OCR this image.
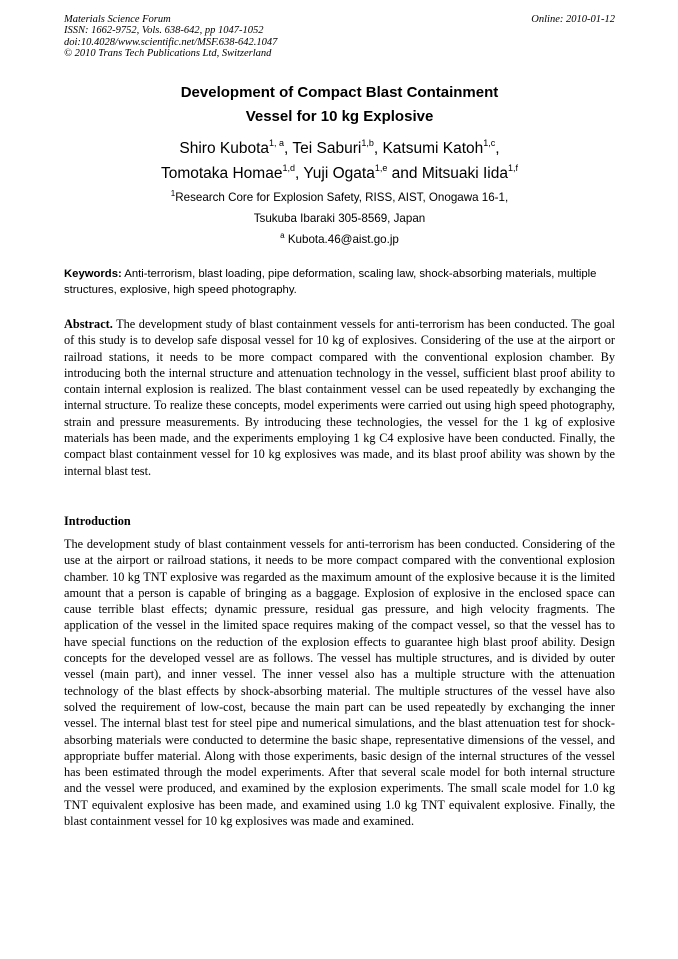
Materials Science Forum
ISSN: 1662-9752, Vols. 638-642, pp 1047-1052
doi:10.4028/www.scientific.net/MSF.638-642.1047
© 2010 Trans Tech Publications Ltd, Switzerland
Online: 2010-01-12
Development of Compact Blast Containment
Vessel for 10 kg Explosive
Shiro Kubota$^{1, a}$, Tei Saburi$^{1,b}$, Katsumi Katoh$^{1,c}$,
Tomotaka Homae$^{1,d}$, Yuji Ogata$^{1,e}$ and Mitsuaki Iida$^{1,f}$
$^1$Research Core for Explosion Safety, RISS, AIST, Onogawa 16-1,
Tsukuba Ibaraki 305-8569, Japan
$^a$ Kubota.46@aist.go.jp
Keywords: Anti-terrorism, blast loading, pipe deformation, scaling law, shock-absorbing materials, multiple structures, explosive, high speed photography.
Abstract. The development study of blast containment vessels for anti-terrorism has been conducted. The goal of this study is to develop safe disposal vessel for 10 kg of explosives. Considering of the use at the airport or railroad stations, it needs to be more compact compared with the conventional explosion chamber. By introducing both the internal structure and attenuation technology in the vessel, sufficient blast proof ability to contain internal explosion is realized. The blast containment vessel can be used repeatedly by exchanging the internal structure. To realize these concepts, model experiments were carried out using high speed photography, strain and pressure measurements. By introducing these technologies, the vessel for the 1 kg of explosive materials has been made, and the experiments employing 1 kg C4 explosive have been conducted. Finally, the compact blast containment vessel for 10 kg explosives was made, and its blast proof ability was shown by the internal blast test.
Introduction
The development study of blast containment vessels for anti-terrorism has been conducted. Considering of the use at the airport or railroad stations, it needs to be more compact compared with the conventional explosion chamber. 10 kg TNT explosive was regarded as the maximum amount of the explosive because it is the limited amount that a person is capable of bringing as a baggage. Explosion of explosive in the enclosed space can cause terrible blast effects; dynamic pressure, residual gas pressure, and high velocity fragments. The application of the vessel in the limited space requires making of the compact vessel, so that the vessel has to have special functions on the reduction of the explosion effects to guarantee high blast proof ability. Design concepts for the developed vessel are as follows. The vessel has multiple structures, and is divided by outer vessel (main part), and inner vessel. The inner vessel also has a multiple structure with the attenuation technology of the blast effects by shock-absorbing material. The multiple structures of the vessel have also solved the requirement of low-cost, because the main part can be used repeatedly by exchanging the inner vessel. The internal blast test for steel pipe and numerical simulations, and the blast attenuation test for shock-absorbing materials were conducted to determine the basic shape, representative dimensions of the vessel, and appropriate buffer material. Along with those experiments, basic design of the internal structures of the vessel has been estimated through the model experiments. After that several scale model for both internal structure and the vessel were produced, and examined by the explosion experiments. The small scale model for 1.0 kg TNT equivalent explosive has been made, and examined using 1.0 kg TNT equivalent explosive. Finally, the blast containment vessel for 10 kg explosives was made and examined.
